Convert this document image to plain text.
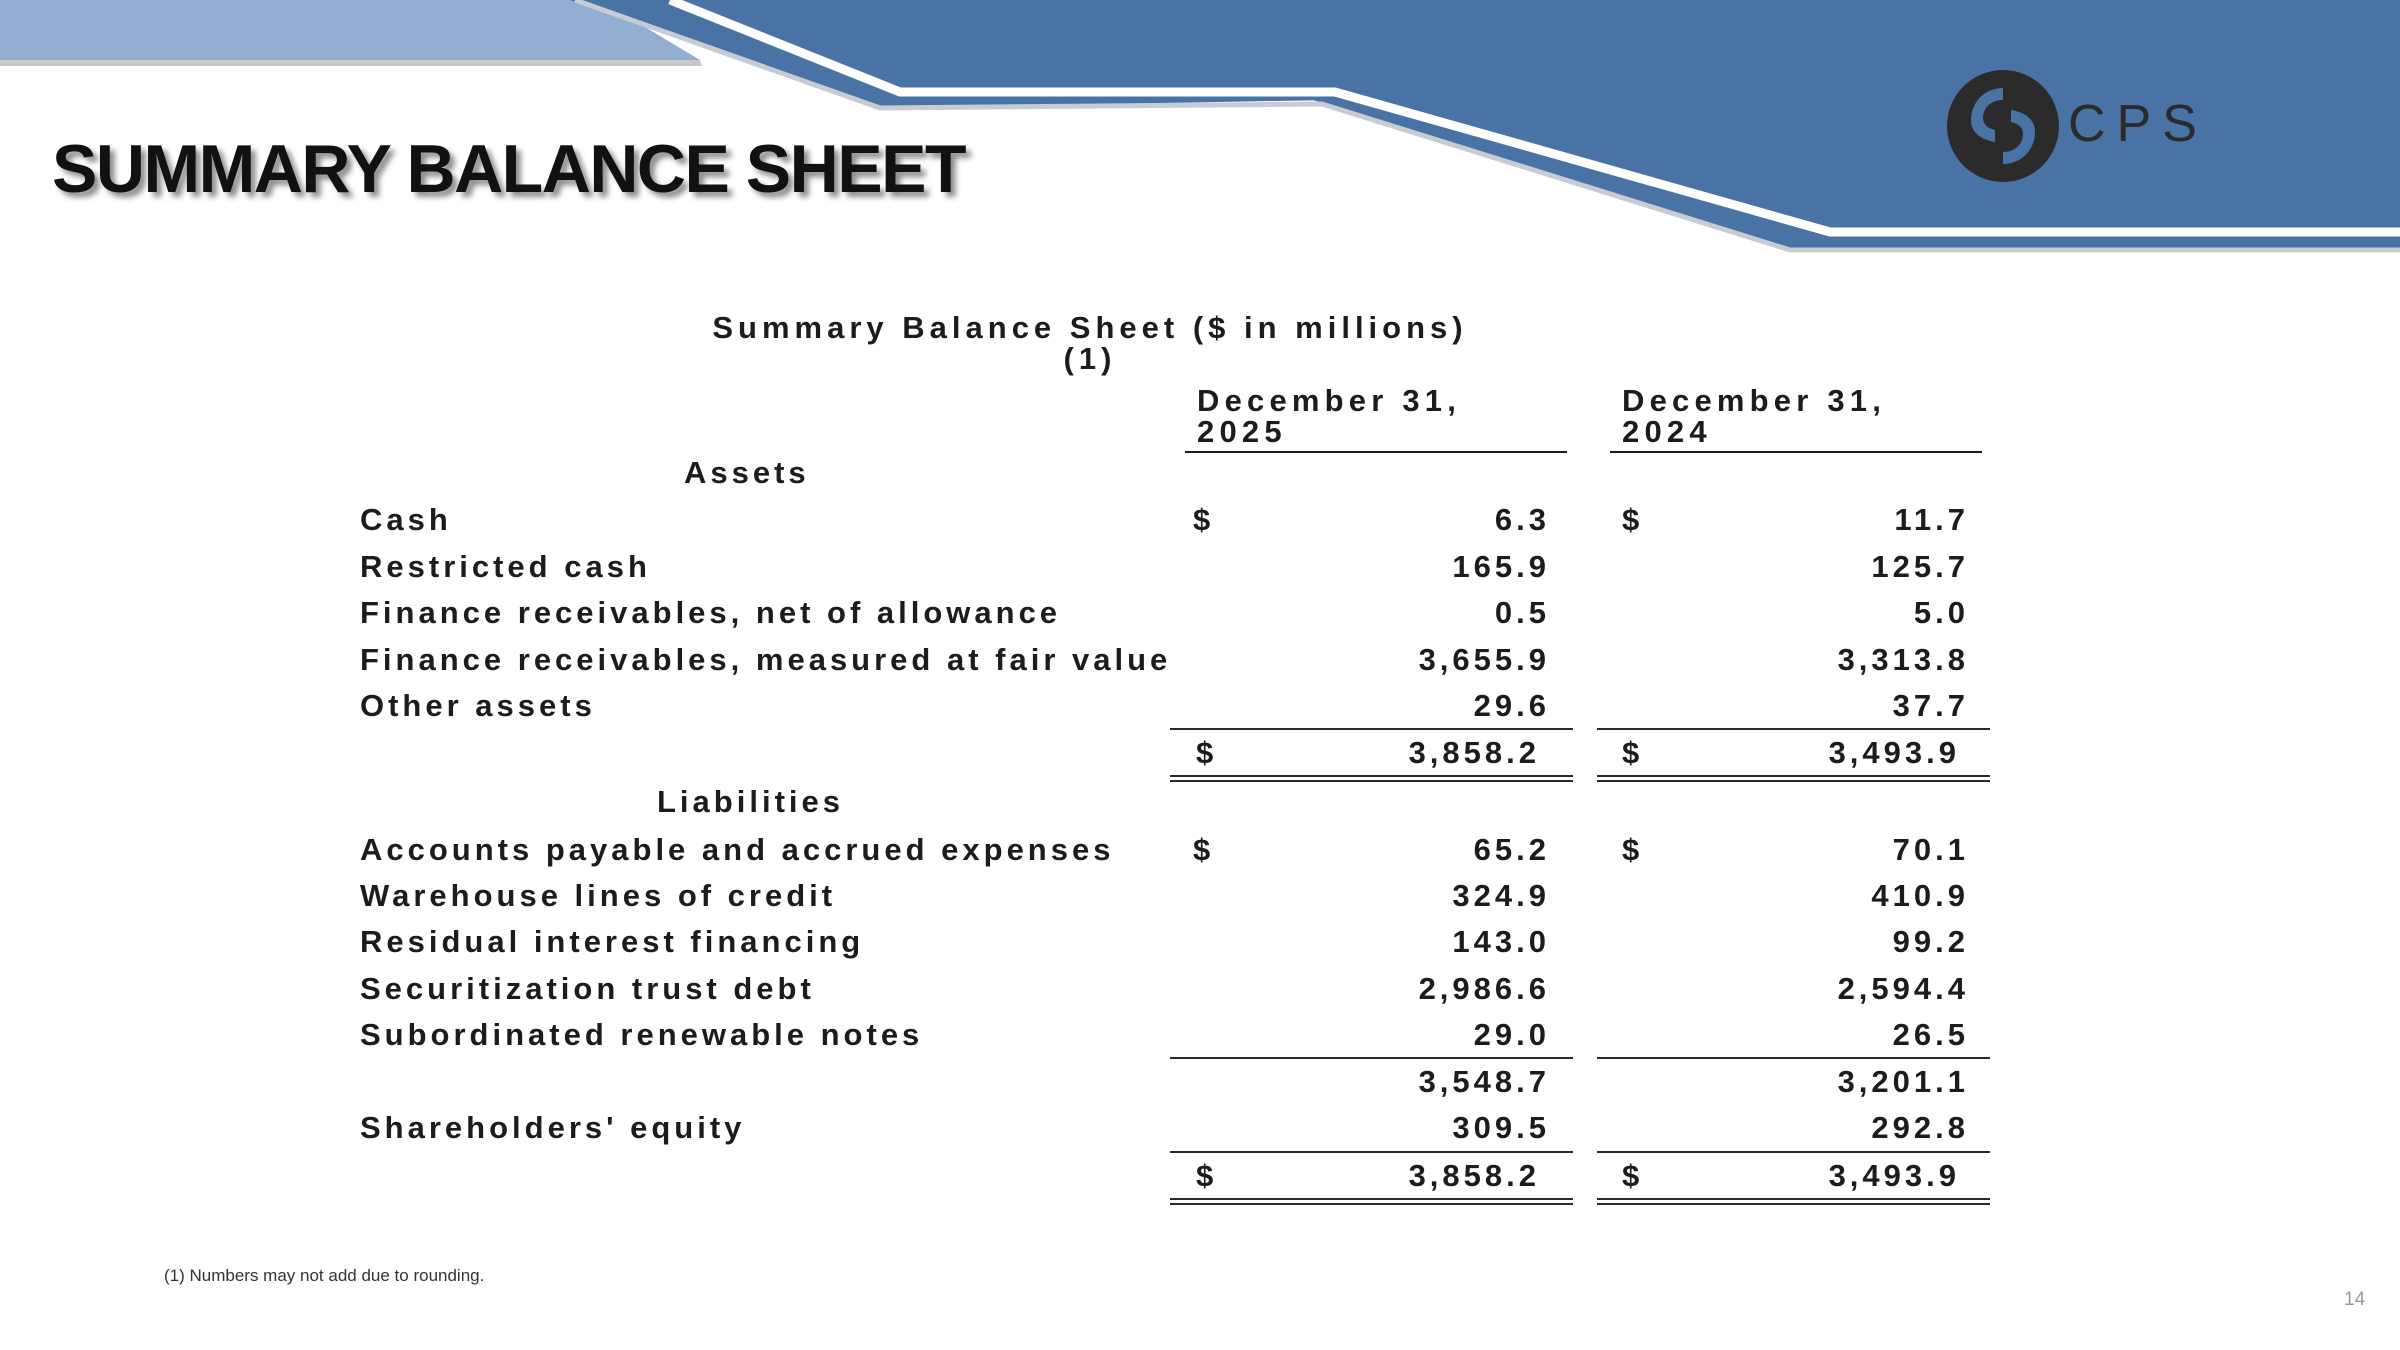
SUMMARY BALANCE SHEET
CPS
Summary Balance Sheet ($ in millions) (1)
December 31, 2025
December 31, 2024
Assets
Cash	$	6.3 $	11.7
Restricted cash	165.9	125.7
Finance receivables, net of allowance	0.5	5.0
Finance receivables, measured at fair value	3,655.9	3,313.8
Other assets	29.6	37.7
$	3,858.2	$	3,493.9
Liabilities
Accounts payable and accrued expenses	$	65.2 $	70.1
Warehouse lines of credit	324.9	410.9
Residual interest financing	143.0	99.2
Securitization trust debt	2,986.6	2,594.4
Subordinated renewable notes	29.0	26.5
3,548.7	3,201.1
Shareholders' equity	309.5	292.8
$	3,858.2	$	3,493.9
(1) Numbers may not add due to rounding.
14
